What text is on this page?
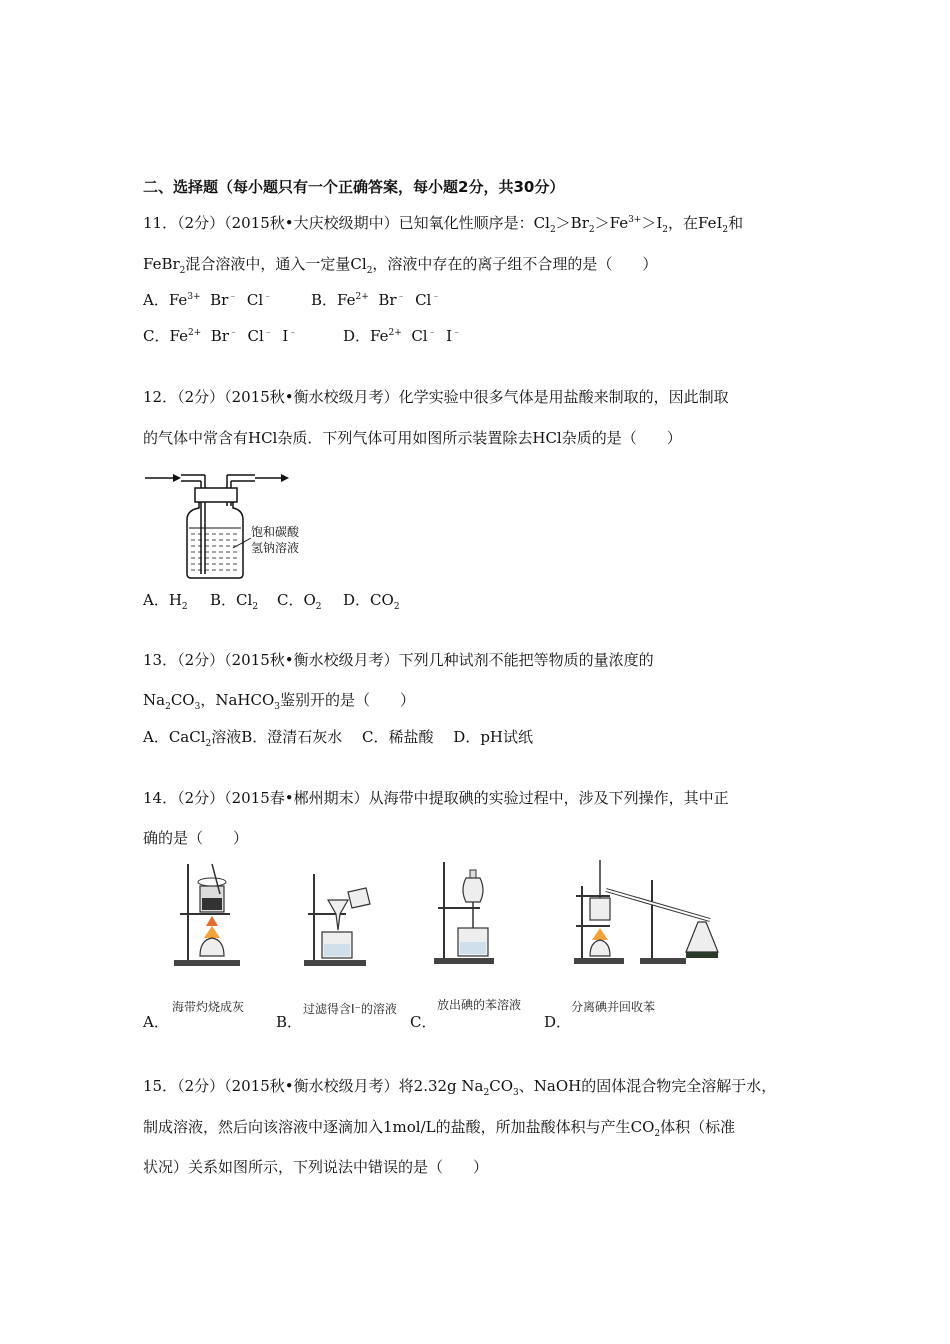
二、选择题（每小题只有一个正确答案，每小题2分，共30分）
11．（2分）（2015秋•大庆校级期中）已知氧化性顺序是：$Cl_2>Br_2>Fe^{3+}>I_2$，在FeI$_2$和
FeBr$_2$混合溶液中，通入一定量$Cl_2$，溶液中存在的离子组不合理的是（　　）
A．$Fe^{3+}$  Br﹣  Cl﹣	B．$Fe^{2+}$  Br﹣  Cl﹣
C．$Fe^{2+}$  Br﹣  Cl﹣  I﹣	D．$Fe^{2+}$  Cl﹣  I﹣
12．（2分）（2015秋•衡水校级月考）化学实验中很多气体是用盐酸来制取的，因此制取
的气体中常含有HCl杂质．下列气体可用如图所示装置除去HCl杂质的是（　　）
饱和碳酸
氢钠溶液
A．$H_2$ B．$Cl_2$ C．$O_2$ D．$CO_2$
13．（2分）（2015秋•衡水校级月考）下列几种试剂不能把等物质的量浓度的
$Na_2CO_3$，NaHCO$_3$鉴别开的是（　　）
A．CaCl$_2$溶液B．澄清石灰水　 C．稀盐酸　 D．pH试纸
14．（2分）（2015春•郴州期末）从海带中提取碘的实验过程中，涉及下列操作，其中正
确的是（　　）
A．
海带灼烧成灰
B．
过滤得含I⁻的溶液
C．
放出碘的苯溶液
D．
分离碘并回收苯
15．（2分）（2015秋•衡水校级月考）将2.32g $Na_2CO_3$、NaOH的固体混合物完全溶解于水，
制成溶液，然后向该溶液中逐滴加入1mol/L的盐酸，所加盐酸体积与产生$CO_2$体积（标准
状况）关系如图所示，下列说法中错误的是（　　）
